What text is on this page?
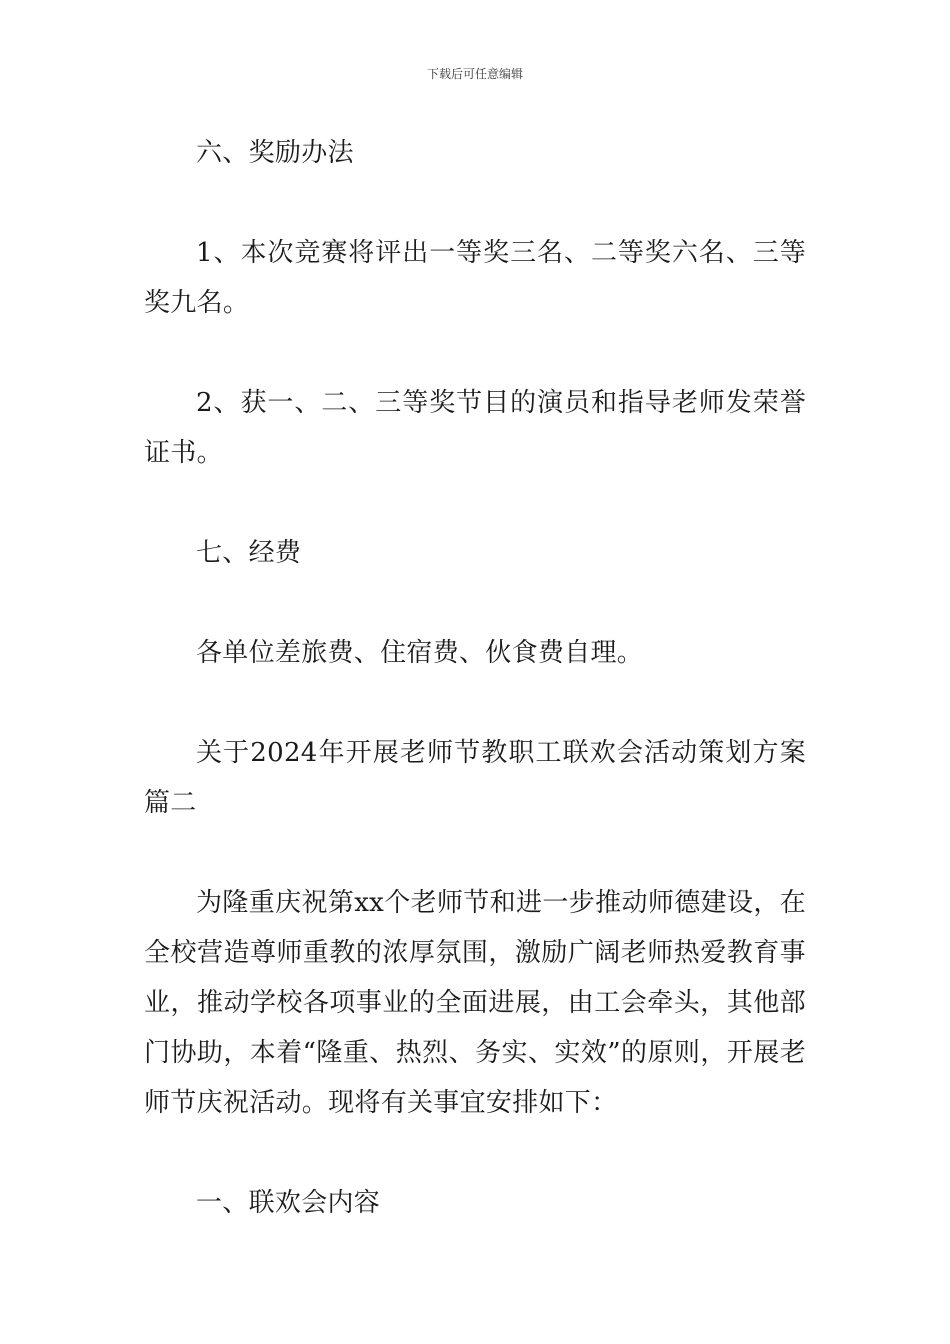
下载后可任意编辑

六、奖励办法

1、本次竞赛将评出一等奖三名、二等奖六名、三等奖九名。

2、获一、二、三等奖节目的演员和指导老师发荣誉证书。

七、经费

各单位差旅费、住宿费、伙食费自理。

关于2024年开展老师节教职工联欢会活动策划方案篇二

为隆重庆祝第xx个老师节和进一步推动师德建设，在全校营造尊师重教的浓厚氛围，激励广阔老师热爱教育事业，推动学校各项事业的全面进展，由工会牵头，其他部门协助，本着“隆重、热烈、务实、实效”的原则，开展老师节庆祝活动。现将有关事宜安排如下：

一、联欢会内容
